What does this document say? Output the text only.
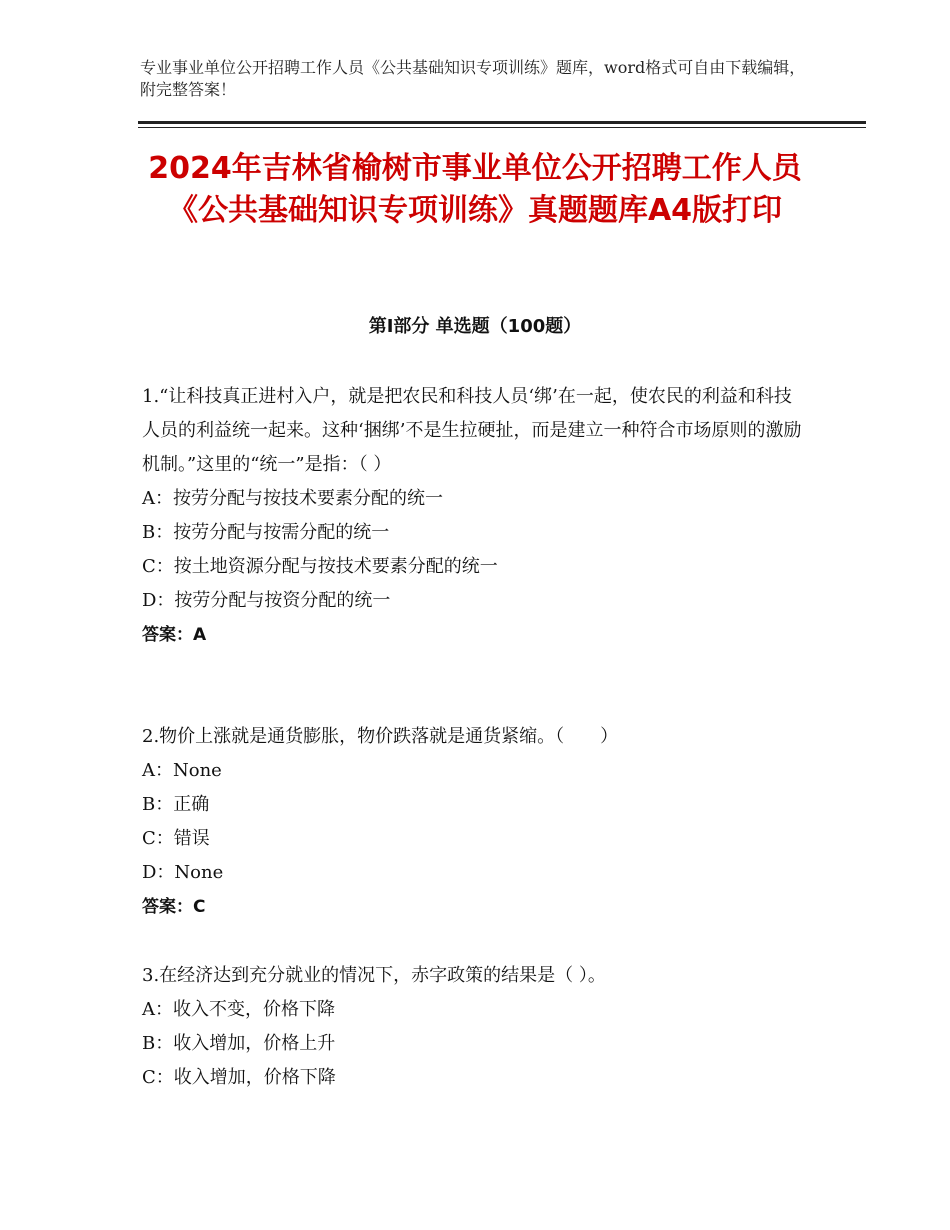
专业事业单位公开招聘工作人员《公共基础知识专项训练》题库，word格式可自由下载编辑，附完整答案！
2024年吉林省榆树市事业单位公开招聘工作人员《公共基础知识专项训练》真题题库A4版打印
第Ⅰ部分 单选题（100题）

1.“让科技真正进村入户，就是把农民和科技人员‘绑’在一起，使农民的利益和科技人员的利益统一起来。这种‘捆绑’不是生拉硬扯，而是建立一种符合市场原则的激励机制。”这里的“统一”是指：（ ）

A：按劳分配与按技术要素分配的统一

B：按劳分配与按需分配的统一

C：按土地资源分配与按技术要素分配的统一

D：按劳分配与按资分配的统一

答案：A

2.物价上涨就是通货膨胀，物价跌落就是通货紧缩。（　　）

A：None

B：正确

C：错误

D：None

答案：C

3.在经济达到充分就业的情况下，赤字政策的结果是（ ）。

A：收入不变，价格下降

B：收入增加，价格上升

C：收入增加，价格下降
